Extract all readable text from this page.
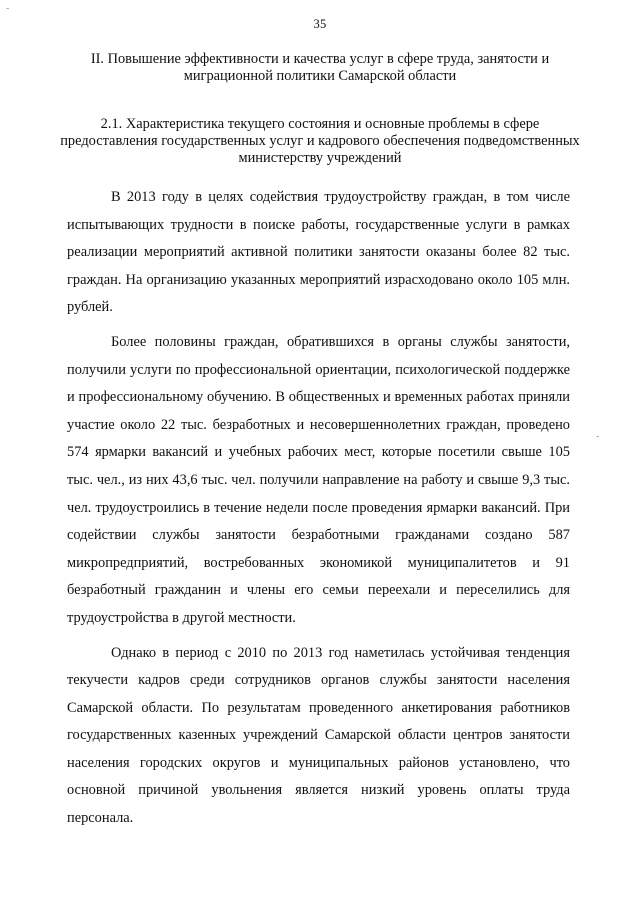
-
-
35
II. Повышение эффективности и качества услуг в сфере труда, занятости и миграционной политики Самарской области
2.1. Характеристика текущего состояния и основные проблемы в сфере предоставления государственных услуг и кадрового обеспечения подведомственных министерству учреждений

В 2013 году в целях содействия трудоустройству граждан, в том числе испытывающих трудности в поиске работы, государственные услуги в рамках реализации мероприятий активной политики занятости оказаны более 82 тыс. граждан. На организацию указанных мероприятий израсходовано около 105 млн. рублей.

Более половины граждан, обратившихся в органы службы занятости, получили услуги по профессиональной ориентации, психологической поддержке и профессиональному обучению. В общественных и временных работах приняли участие около 22 тыс. безработных и несовершеннолетних граждан, проведено 574 ярмарки вакансий и учебных рабочих мест, которые посетили свыше 105 тыс. чел., из них 43,6 тыс. чел. получили направление на работу и свыше 9,3 тыс. чел. трудоустроились в течение недели после проведения ярмарки вакансий. При содействии службы занятости безработными гражданами создано 587 микропредприятий, востребованных экономикой муниципалитетов и 91 безработный гражданин и члены его семьи переехали и переселились для трудоустройства в другой местности.

Однако в период с 2010 по 2013 год наметилась устойчивая тенденция текучести кадров среди сотрудников органов службы занятости населения Самарской области. По результатам проведенного анкетирования работников государственных казенных учреждений Самарской области центров занятости населения городских округов и муниципальных районов установлено, что основной причиной увольнения является низкий уровень оплаты труда персонала.
